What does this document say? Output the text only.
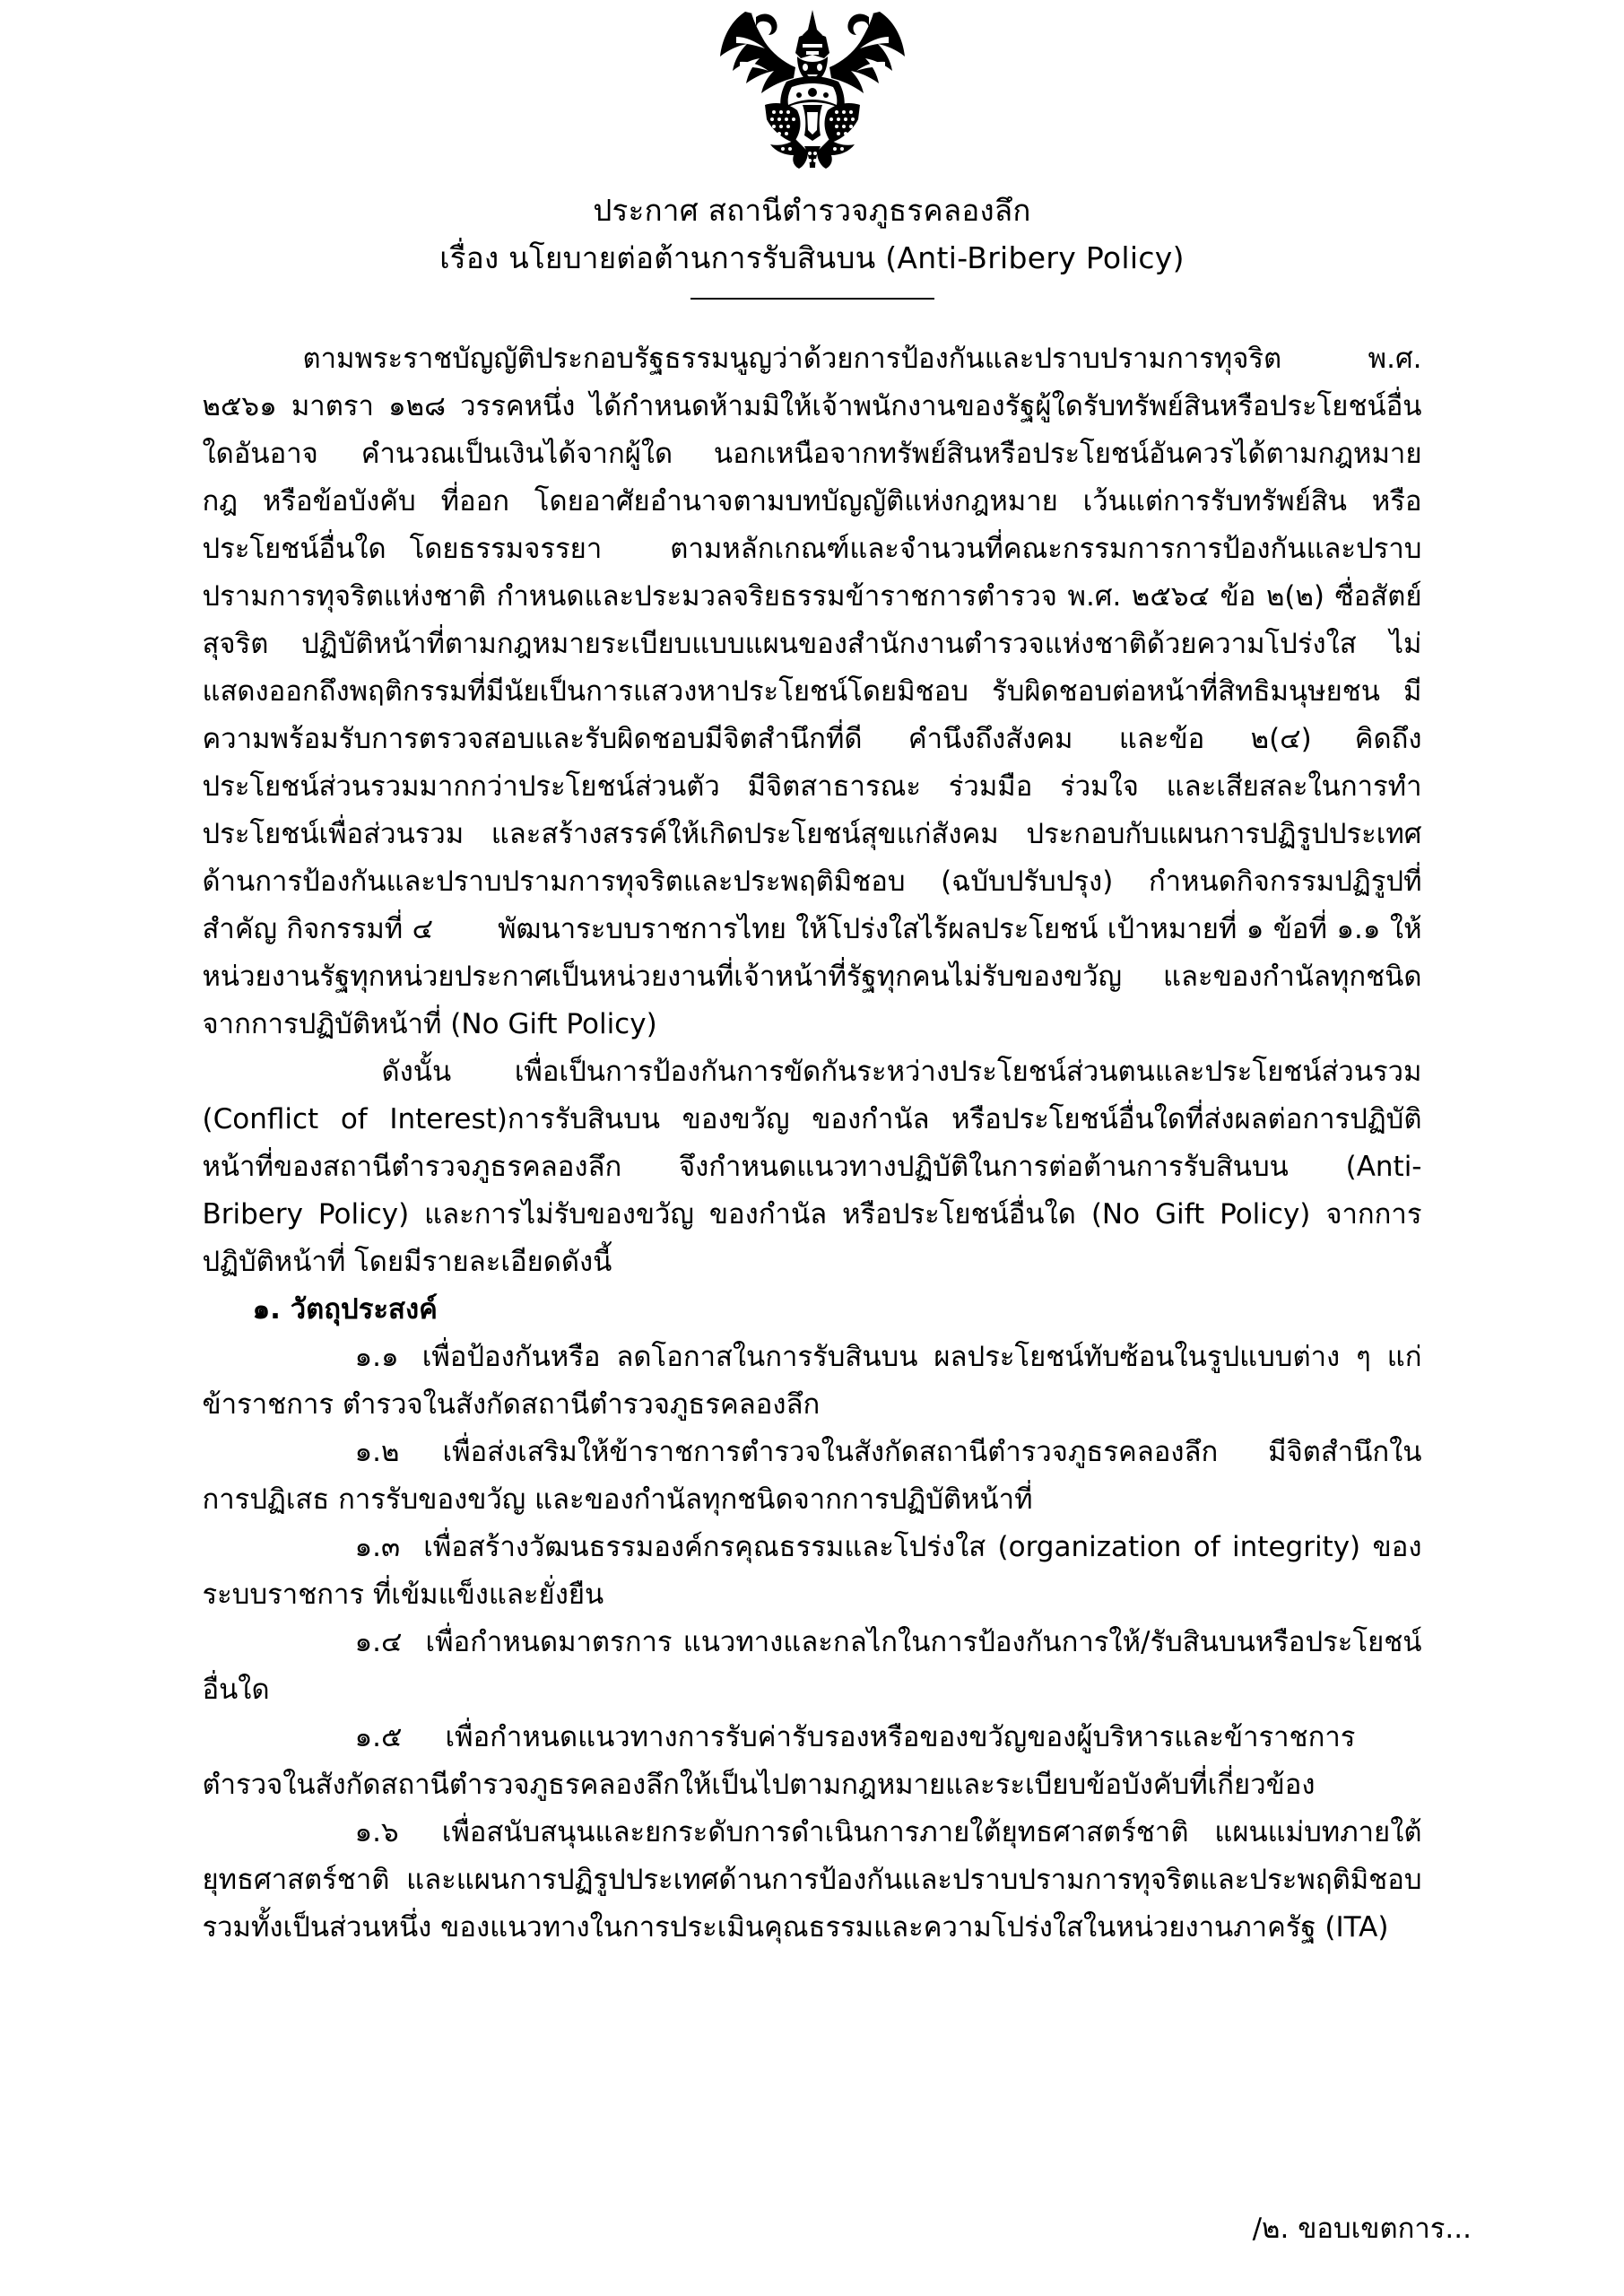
ประกาศ สถานีตำรวจภูธรคลองลึก
เรื่อง นโยบายต่อต้านการรับสินบน (Anti-Bribery Policy)

ตามพระราชบัญญัติประกอบรัฐธรรมนูญว่าด้วยการป้องกันและปราบปรามการทุจริต พ.ศ. ๒๕๖๑ มาตรา ๑๒๘ วรรคหนึ่ง ได้กำหนดห้ามมิให้เจ้าพนักงานของรัฐผู้ใดรับทรัพย์สินหรือประโยชน์อื่นใดอันอาจ คำนวณเป็นเงินได้จากผู้ใด นอกเหนือจากทรัพย์สินหรือประโยชน์อันควรได้ตามกฎหมาย กฎ หรือข้อบังคับ ที่ออก โดยอาศัยอำนาจตามบทบัญญัติแห่งกฎหมาย เว้นแต่การรับทรัพย์สิน หรือประโยชน์อื่นใด โดยธรรมจรรยา ตามหลักเกณฑ์และจำนวนที่คณะกรรมการการป้องกันและปราบปรามการทุจริตแห่งชาติ กำหนดและประมวลจริยธรรมข้าราชการตำรวจ พ.ศ. ๒๕๖๔ ข้อ ๒(๒) ซื่อสัตย์สุจริต ปฏิบัติหน้าที่ตามกฎหมายระเบียบแบบแผนของสำนักงานตำรวจแห่งชาติด้วยความโปร่งใส ไม่แสดงออกถึงพฤติกรรมที่มีนัยเป็นการแสวงหาประโยชน์โดยมิชอบ รับผิดชอบต่อหน้าที่สิทธิมนุษยชน มีความพร้อมรับการตรวจสอบและรับผิดชอบมีจิตสำนึกที่ดี คำนึงถึงสังคม และข้อ ๒(๔) คิดถึงประโยชน์ส่วนรวมมากกว่าประโยชน์ส่วนตัว มีจิตสาธารณะ ร่วมมือ ร่วมใจ และเสียสละในการทำประโยชน์เพื่อส่วนรวม และสร้างสรรค์ให้เกิดประโยชน์สุขแก่สังคม ประกอบกับแผนการปฏิรูปประเทศด้านการป้องกันและปราบปรามการทุจริตและประพฤติมิชอบ (ฉบับปรับปรุง) กำหนดกิจกรรมปฏิรูปที่สำคัญ กิจกรรมที่ ๔ พัฒนาระบบราชการไทย ให้โปร่งใสไร้ผลประโยชน์ เป้าหมายที่ ๑ ข้อที่ ๑.๑ ให้หน่วยงานรัฐทุกหน่วยประกาศเป็นหน่วยงานที่เจ้าหน้าที่รัฐทุกคนไม่รับของขวัญ และของกำนัลทุกชนิดจากการปฏิบัติหน้าที่ (No Gift Policy)

ดังนั้น เพื่อเป็นการป้องกันการขัดกันระหว่างประโยชน์ส่วนตนและประโยชน์ส่วนรวม (Conflict of Interest)การรับสินบน ของขวัญ ของกำนัล หรือประโยชน์อื่นใดที่ส่งผลต่อการปฏิบัติหน้าที่ของสถานีตำรวจภูธรคลองลึก จึงกำหนดแนวทางปฏิบัติในการต่อต้านการรับสินบน (Anti-Bribery Policy) และการไม่รับของขวัญ ของกำนัล หรือประโยชน์อื่นใด (No Gift Policy) จากการปฏิบัติหน้าที่ โดยมีรายละเอียดดังนี้

๑. วัตถุประสงค์

๑.๑ เพื่อป้องกันหรือ ลดโอกาสในการรับสินบน ผลประโยชน์ทับซ้อนในรูปแบบต่าง ๆ แก่ข้าราชการ ตำรวจในสังกัดสถานีตำรวจภูธรคลองลึก

๑.๒ เพื่อส่งเสริมให้ข้าราชการตำรวจในสังกัดสถานีตำรวจภูธรคลองลึก มีจิตสำนึกในการปฏิเสธ การรับของขวัญ และของกำนัลทุกชนิดจากการปฏิบัติหน้าที่

๑.๓ เพื่อสร้างวัฒนธรรมองค์กรคุณธรรมและโปร่งใส (organization of integrity) ของระบบราชการ ที่เข้มแข็งและยั่งยืน

๑.๔ เพื่อกำหนดมาตรการ แนวทางและกลไกในการป้องกันการให้/รับสินบนหรือประโยชน์อื่นใด

๑.๕ เพื่อกำหนดแนวทางการรับค่ารับรองหรือของขวัญของผู้บริหารและข้าราชการตำรวจในสังกัดสถานีตำรวจภูธรคลองลึกให้เป็นไปตามกฎหมายและระเบียบข้อบังคับที่เกี่ยวข้อง

๑.๖ เพื่อสนับสนุนและยกระดับการดำเนินการภายใต้ยุทธศาสตร์ชาติ แผนแม่บทภายใต้ยุทธศาสตร์ชาติ และแผนการปฏิรูปประเทศด้านการป้องกันและปราบปรามการทุจริตและประพฤติมิชอบ รวมทั้งเป็นส่วนหนึ่ง ของแนวทางในการประเมินคุณธรรมและความโปร่งใสในหน่วยงานภาครัฐ (ITA)

/๒. ขอบเขตการ...
